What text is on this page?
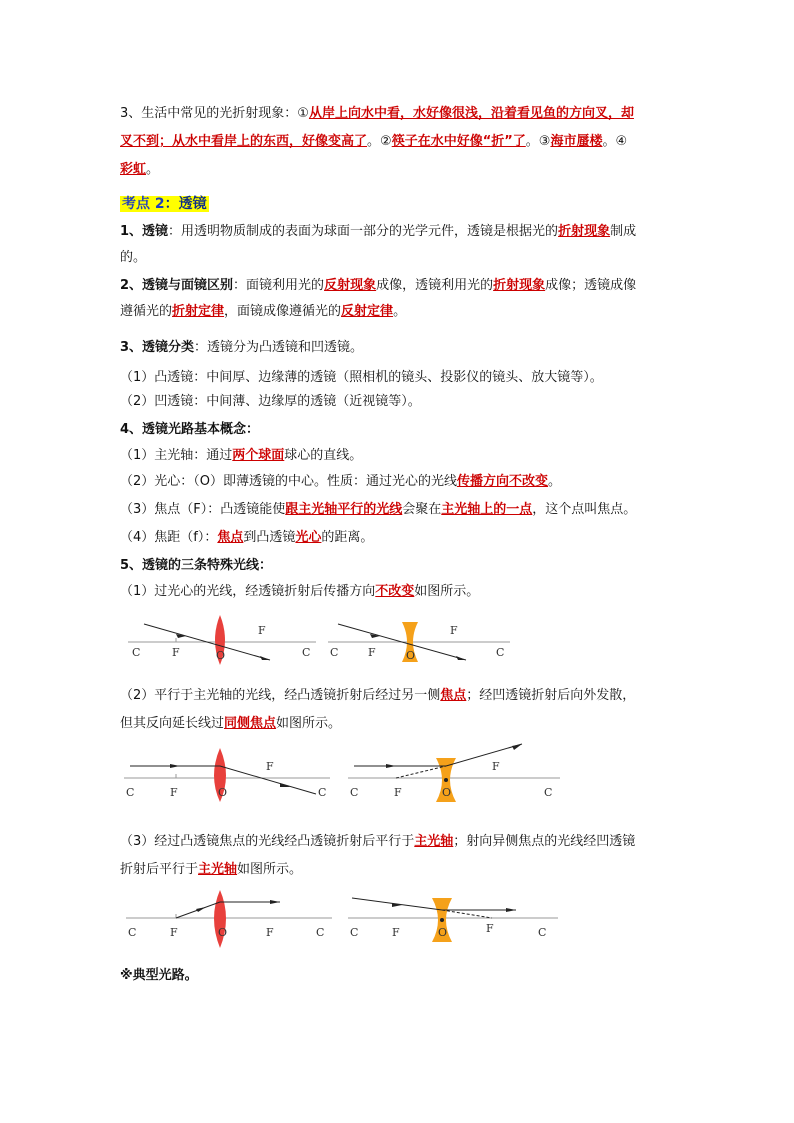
3、生活中常见的光折射现象：①从岸上向水中看，水好像很浅，沿着看见鱼的方向叉，却
叉不到；从水中看岸上的东西，好像变高了。②筷子在水中好像“折”了。③海市蜃楼。④
彩虹。
考点 2：透镜
1、透镜：用透明物质制成的表面为球面一部分的光学元件，透镜是根据光的折射现象制成
的。
2、透镜与面镜区别：面镜利用光的反射现象成像，透镜利用光的折射现象成像；透镜成像
遵循光的折射定律，面镜成像遵循光的反射定律。
3、透镜分类：透镜分为凸透镜和凹透镜。
（1）凸透镜：中间厚、边缘薄的透镜（照相机的镜头、投影仪的镜头、放大镜等）。
（2）凹透镜：中间薄、边缘厚的透镜（近视镜等）。
4、透镜光路基本概念：
（1）主光轴：通过两个球面球心的直线。
（2）光心：（O）即薄透镜的中心。性质：通过光心的光线传播方向不改变。
（3）焦点（F）：凸透镜能使跟主光轴平行的光线会聚在主光轴上的一点，这个点叫焦点。
（4）焦距（f）：焦点到凸透镜光心的距离。
5、透镜的三条特殊光线：
（1）过光心的光线，经透镜折射后传播方向不改变如图所示。
C	F	O
F
C C	F	O
F
C
（2）平行于主光轴的光线，经凸透镜折射后经过另一侧焦点；经凹透镜折射后向外发散，
但其反向延长线过同侧焦点如图所示。
C	F	O
F
C C	F	O
F
C
（3）经过凸透镜焦点的光线经凸透镜折射后平行于主光轴；射向异侧焦点的光线经凹透镜
折射后平行于主光轴如图所示。
C	F	O	F	C C	F	O	F	C
※典型光路。
